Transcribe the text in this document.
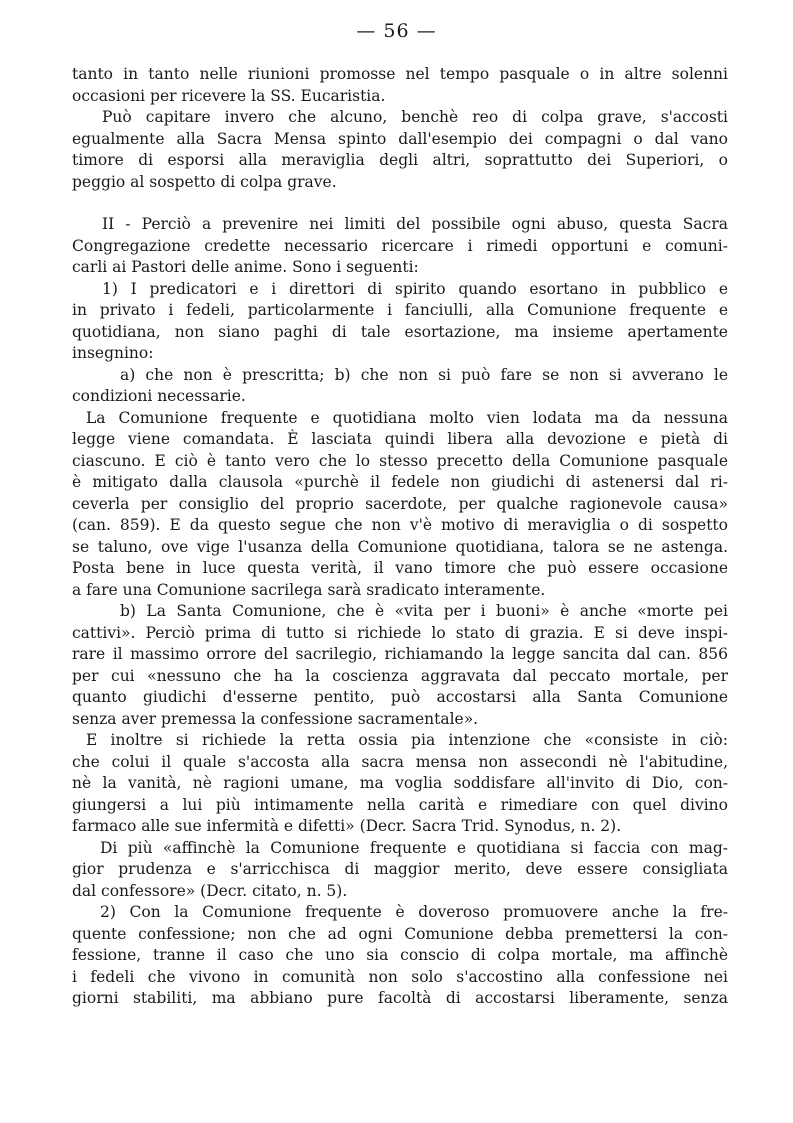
— 56 —
tanto in tanto nelle riunioni promosse nel tempo pasquale o in altre solenni
occasioni per ricevere la SS. Eucaristia.
Può capitare invero che alcuno, benchè reo di colpa grave, s'accosti
egualmente alla Sacra Mensa spinto dall'esempio dei compagni o dal vano
timore di esporsi alla meraviglia degli altri, soprattutto dei Superiori, o
peggio al sospetto di colpa grave.
II - Perciò a prevenire nei limiti del possibile ogni abuso, questa Sacra
Congregazione credette necessario ricercare i rimedi opportuni e comuni-
carli ai Pastori delle anime. Sono i seguenti:
1) I predicatori e i direttori di spirito quando esortano in pubblico e
in privato i fedeli, particolarmente i fanciulli, alla Comunione frequente e
quotidiana, non siano paghi di tale esortazione, ma insieme apertamente
insegnino:
a) che non è prescritta; b) che non si può fare se non si avverano le
condizioni necessarie.
La Comunione frequente e quotidiana molto vien lodata ma da nessuna
legge viene comandata. È lasciata quindi libera alla devozione e pietà di
ciascuno. E ciò è tanto vero che lo stesso precetto della Comunione pasquale
è mitigato dalla clausola «purchè il fedele non giudichi di astenersi dal ri-
ceverla per consiglio del proprio sacerdote, per qualche ragionevole causa»
(can. 859). E da questo segue che non v'è motivo di meraviglia o di sospetto
se taluno, ove vige l'usanza della Comunione quotidiana, talora se ne astenga.
Posta bene in luce questa verità, il vano timore che può essere occasione
a fare una Comunione sacrilega sarà sradicato interamente.
b) La Santa Comunione, che è «vita per i buoni» è anche «morte pei
cattivi». Perciò prima di tutto si richiede lo stato di grazia. E si deve inspi-
rare il massimo orrore del sacrilegio, richiamando la legge sancita dal can. 856
per cui «nessuno che ha la coscienza aggravata dal peccato mortale, per
quanto giudichi d'esserne pentito, può accostarsi alla Santa Comunione
senza aver premessa la confessione sacramentale».
E inoltre si richiede la retta ossia pia intenzione che «consiste in ciò:
che colui il quale s'accosta alla sacra mensa non assecondi nè l'abitudine,
nè la vanità, nè ragioni umane, ma voglia soddisfare all'invito di Dio, con-
giungersi a lui più intimamente nella carità e rimediare con quel divino
farmaco alle sue infermità e difetti» (Decr. Sacra Trid. Synodus, n. 2).
Di più «affinchè la Comunione frequente e quotidiana si faccia con mag-
gior prudenza e s'arricchisca di maggior merito, deve essere consigliata
dal confessore» (Decr. citato, n. 5).
2) Con la Comunione frequente è doveroso promuovere anche la fre-
quente confessione; non che ad ogni Comunione debba premettersi la con-
fessione, tranne il caso che uno sia conscio di colpa mortale, ma affinchè
i fedeli che vivono in comunità non solo s'accostino alla confessione nei
giorni stabiliti, ma abbiano pure facoltà di accostarsi liberamente, senza
